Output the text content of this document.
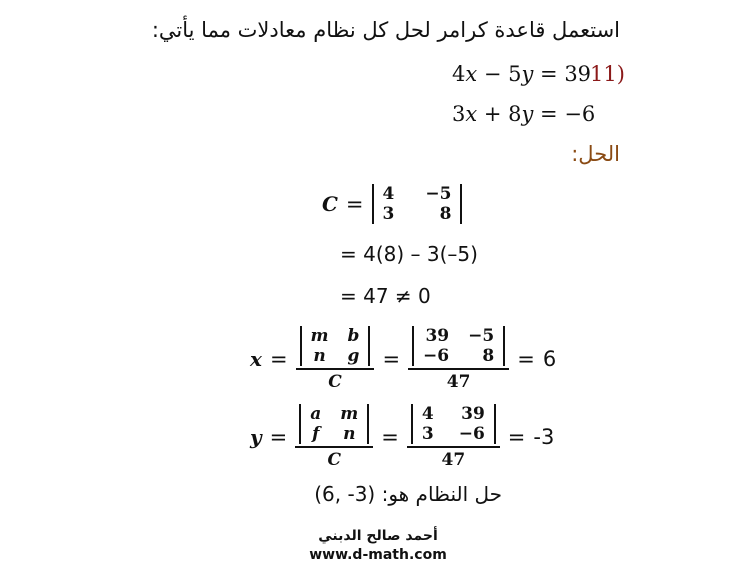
استعمل قاعدة كرامر لحل كل نظام معادلات مما يأتي:
4𝑥 − 5𝑦 = 39
11)
3𝑥 + 8𝑦 = −6
الحل:
C = 4	−5
3	8
= 4(8) – 3(–5)
= 47 ≠ 0
𝒙 =
m	b
n	g
C
=
39	−5
−6	8
47
= 6
𝒚 =
a	m
f	n
C
=
4	39
3	−6
47
= -3
حل النظام هو: (3- ,6)
أحمد صالح الدبني
www.d-math.com
